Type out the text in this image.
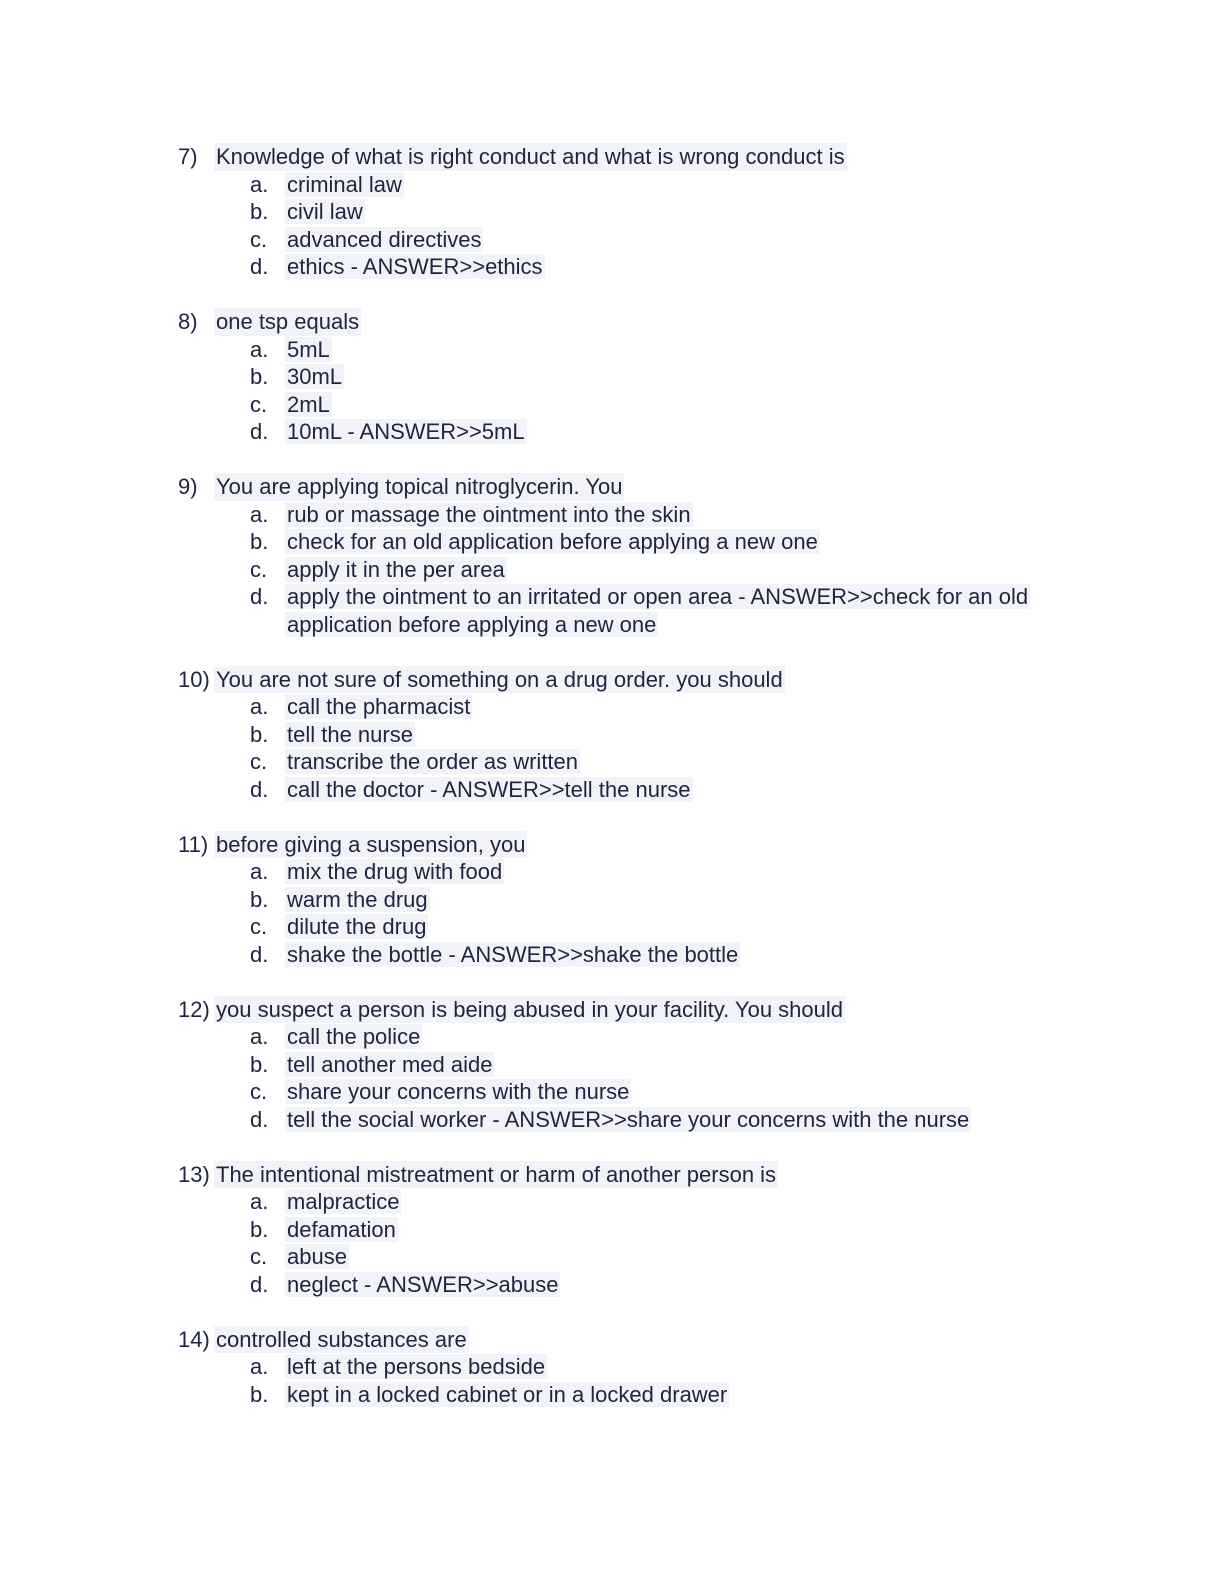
7) Knowledge of what is right conduct and what is wrong conduct is
a. criminal law
b. civil law
c. advanced directives
d. ethics - ANSWER>>ethics
8) one tsp equals
a. 5mL
b. 30mL
c. 2mL
d. 10mL - ANSWER>>5mL
9) You are applying topical nitroglycerin. You
a. rub or massage the ointment into the skin
b. check for an old application before applying a new one
c. apply it in the per area
d. apply the ointment to an irritated or open area - ANSWER>>check for an old application before applying a new one
10) You are not sure of something on a drug order. you should
a. call the pharmacist
b. tell the nurse
c. transcribe the order as written
d. call the doctor - ANSWER>>tell the nurse
11) before giving a suspension, you
a. mix the drug with food
b. warm the drug
c. dilute the drug
d. shake the bottle - ANSWER>>shake the bottle
12) you suspect a person is being abused in your facility. You should
a. call the police
b. tell another med aide
c. share your concerns with the nurse
d. tell the social worker - ANSWER>>share your concerns with the nurse
13) The intentional mistreatment or harm of another person is
a. malpractice
b. defamation
c. abuse
d. neglect - ANSWER>>abuse
14) controlled substances are
a. left at the persons bedside
b. kept in a locked cabinet or in a locked drawer
